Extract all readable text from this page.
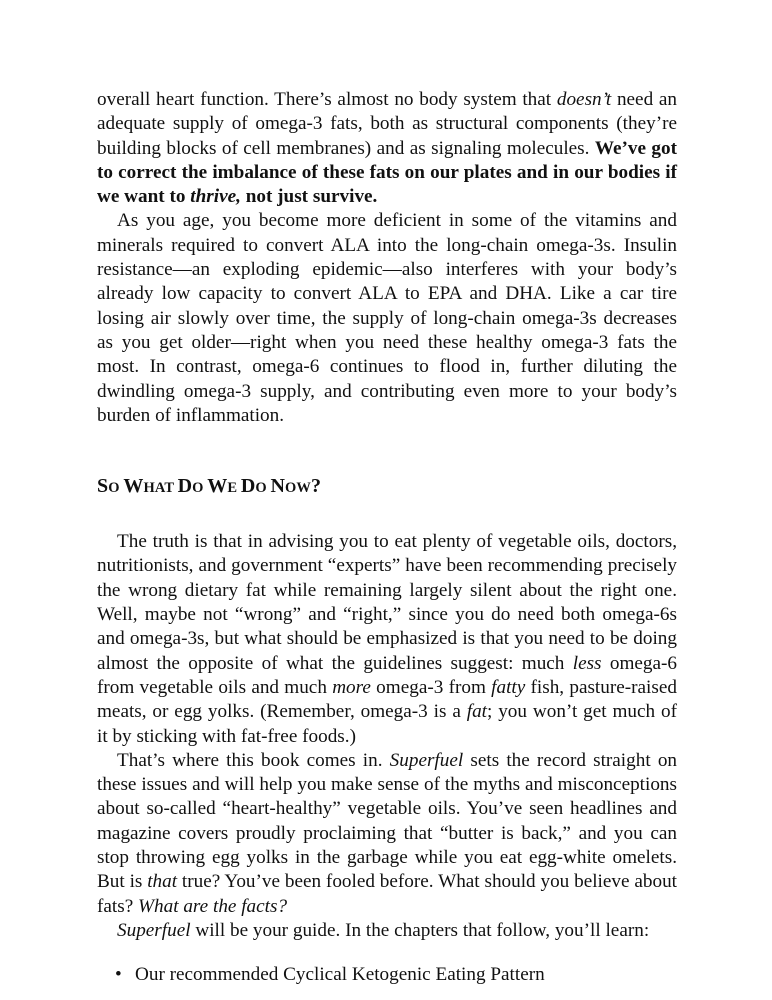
overall heart function. There’s almost no body system that doesn’t need an adequate supply of omega-3 fats, both as structural components (they’re building blocks of cell membranes) and as signaling molecules. We’ve got to correct the imbalance of these fats on our plates and in our bodies if we want to thrive, not just survive.

As you age, you become more deficient in some of the vitamins and minerals required to convert ALA into the long-chain omega-3s. Insulin resistance—an exploding epidemic—also interferes with your body’s already low capacity to convert ALA to EPA and DHA. Like a car tire losing air slowly over time, the supply of long-chain omega-3s decreases as you get older—right when you need these healthy omega-3 fats the most. In contrast, omega-6 continues to flood in, further diluting the dwindling omega-3 supply, and contributing even more to your body’s burden of inflammation.

SO WHAT DO WE DO NOW?

The truth is that in advising you to eat plenty of vegetable oils, doctors, nutritionists, and government “experts” have been recommending precisely the wrong dietary fat while remaining largely silent about the right one. Well, maybe not “wrong” and “right,” since you do need both omega-6s and omega-3s, but what should be emphasized is that you need to be doing almost the opposite of what the guidelines suggest: much less omega-6 from vegetable oils and much more omega-3 from fatty fish, pasture-raised meats, or egg yolks. (Remember, omega-3 is a fat; you won’t get much of it by sticking with fat-free foods.)

That’s where this book comes in. Superfuel sets the record straight on these issues and will help you make sense of the myths and misconceptions about so-called “heart-healthy” vegetable oils. You’ve seen headlines and magazine covers proudly proclaiming that “butter is back,” and you can stop throwing egg yolks in the garbage while you eat egg-white omelets. But is that true? You’ve been fooled before. What should you believe about fats? What are the facts?

Superfuel will be your guide. In the chapters that follow, you’ll learn:

• Our recommended Cyclical Ketogenic Eating Pattern
